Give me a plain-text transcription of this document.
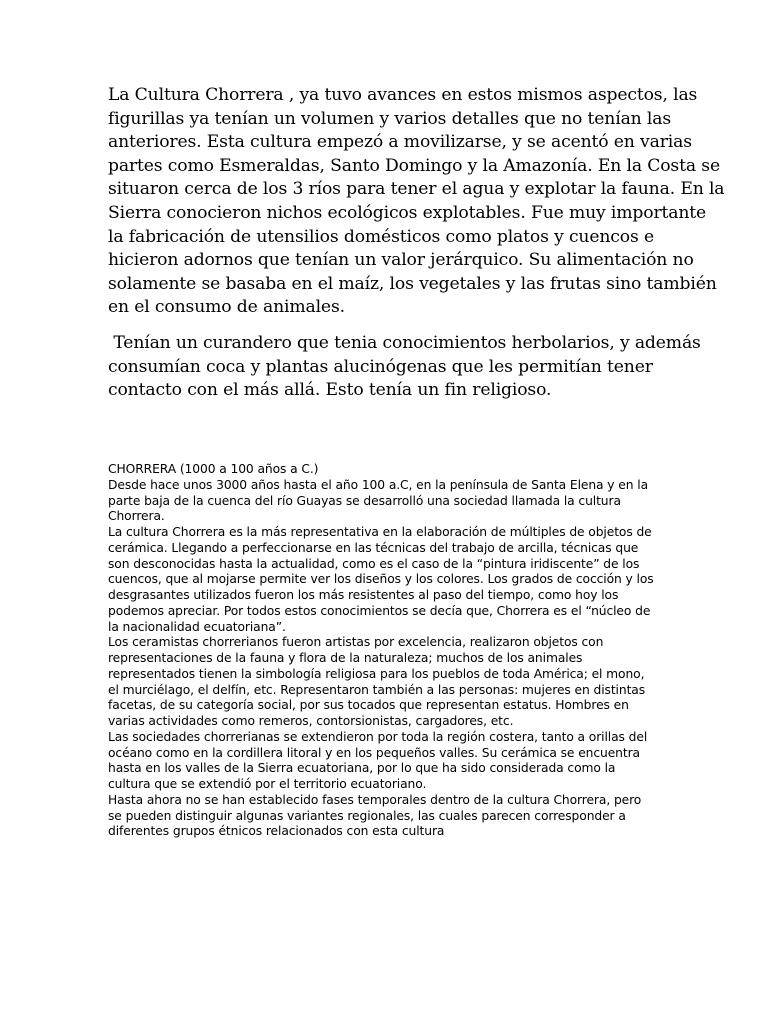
La Cultura Chorrera , ya tuvo avances en estos mismos aspectos, las
figurillas ya tenían un volumen y varios detalles que no tenían las
anteriores. Esta cultura empezó a movilizarse, y se acentó en varias
partes como Esmeraldas, Santo Domingo y la Amazonía. En la Costa se
situaron cerca de los 3 ríos para tener el agua y explotar la fauna. En la
Sierra conocieron nichos ecológicos explotables. Fue muy importante
la fabricación de utensilios domésticos como platos y cuencos e
hicieron adornos que tenían un valor jerárquico. Su alimentación no
solamente se basaba en el maíz, los vegetales y las frutas sino también
en el consumo de animales.
Tenían un curandero que tenia conocimientos herbolarios, y además
consumían coca y plantas alucinógenas que les permitían tener
contacto con el más allá. Esto tenía un fin religioso.
CHORRERA (1000 a 100 años a C.)
Desde hace unos 3000 años hasta el año 100 a.C, en la península de Santa Elena y en la
parte baja de la cuenca del río Guayas se desarrolló una sociedad llamada la cultura
Chorrera.
La cultura Chorrera es la más representativa en la elaboración de múltiples de objetos de
cerámica. Llegando a perfeccionarse en las técnicas del trabajo de arcilla, técnicas que
son desconocidas hasta la actualidad, como es el caso de la “pintura iridiscente” de los
cuencos, que al mojarse permite ver los diseños y los colores. Los grados de cocción y los
desgrasantes utilizados fueron los más resistentes al paso del tiempo, como hoy los
podemos apreciar. Por todos estos conocimientos se decía que, Chorrera es el “núcleo de
la nacionalidad ecuatoriana”.
Los ceramistas chorrerianos fueron artistas por excelencia, realizaron objetos con
representaciones de la fauna y flora de la naturaleza; muchos de los animales
representados tienen la simbología religiosa para los pueblos de toda América; el mono,
el murciélago, el delfín, etc. Representaron también a las personas: mujeres en distintas
facetas, de su categoría social, por sus tocados que representan estatus. Hombres en
varias actividades como remeros, contorsionistas, cargadores, etc.
Las sociedades chorrerianas se extendieron por toda la región costera, tanto a orillas del
océano como en la cordillera litoral y en los pequeños valles. Su cerámica se encuentra
hasta en los valles de la Sierra ecuatoriana, por lo que ha sido considerada como la
cultura que se extendió por el territorio ecuatoriano.
Hasta ahora no se han establecido fases temporales dentro de la cultura Chorrera, pero
se pueden distinguir algunas variantes regionales, las cuales parecen corresponder a
diferentes grupos étnicos relacionados con esta cultura
